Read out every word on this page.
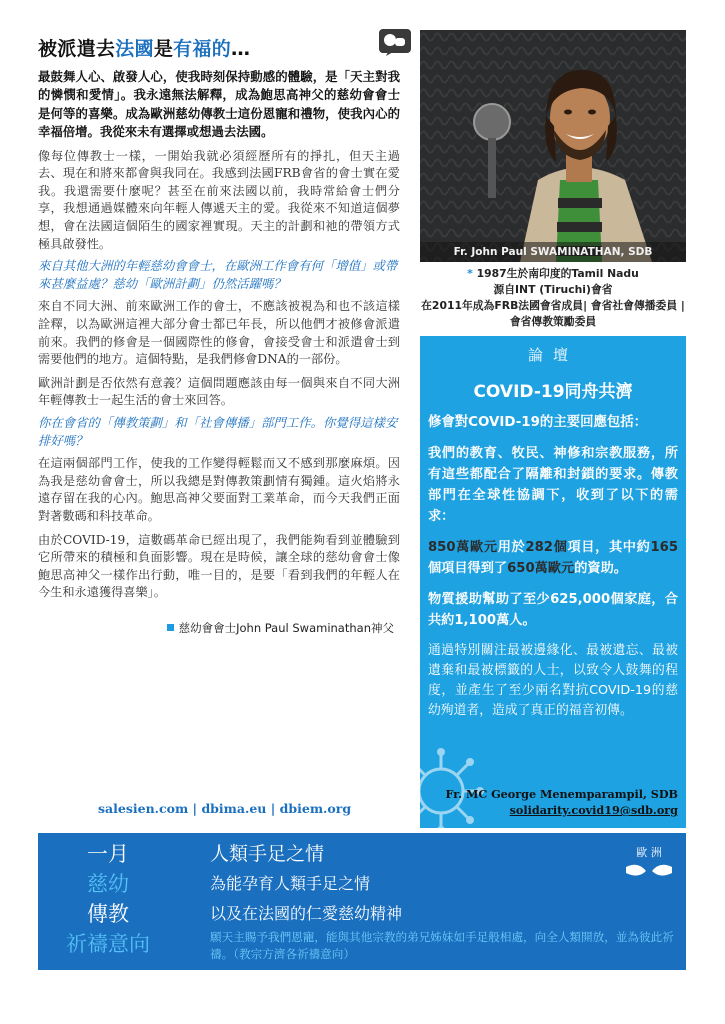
被派遣去法國是有福的…

最鼓舞人心、啟發人心，使我時刻保持動感的體驗，是「天主對我的憐憫和愛情」。我永遠無法解釋，成為鮑思高神父的慈幼會會士是何等的喜樂。成為歐洲慈幼傳教士這份恩寵和禮物，使我內心的幸福倍增。我從來未有選擇或想過去法國。

像每位傳教士一樣，一開始我就必須經歷所有的掙扎，但天主過去、現在和將來都會與我同在。我感到法國FRB會省的會士實在愛我。我還需要什麼呢？甚至在前來法國以前，我時常給會士們分享，我想通過媒體來向年輕人傳遞天主的愛。我從來不知道這個夢想，會在法國這個陌生的國家裡實現。天主的計劃和祂的帶領方式極具啟發性。

來自其他大洲的年輕慈幼會會士，在歐洲工作會有何「增值」或帶來甚麼益處？慈幼「歐洲計劃」仍然活躍嗎？

來自不同大洲、前來歐洲工作的會士，不應該被視為和也不該這樣詮釋，以為歐洲這裡大部分會士都已年長，所以他們才被修會派遣前來。我們的修會是一個國際性的修會，會接受會士和派遣會士到需要他們的地方。這個特點，是我們修會DNA的一部份。

歐洲計劃是否依然有意義？這個問題應該由每一個與來自不同大洲年輕傳教士一起生活的會士來回答。

你在會省的「傳教策劃」和「社會傳播」部門工作。你覺得這樣安排好嗎？

在這兩個部門工作，使我的工作變得輕鬆而又不感到那麼麻煩。因為我是慈幼會會士，所以我總是對傳教策劃情有獨鍾。這火焰將永遠存留在我的心內。鮑思高神父要面對工業革命，而今天我們正面對著數碼和科技革命。

由於COVID-19，這數碼革命已經出現了，我們能夠看到並體驗到它所帶來的積極和負面影響。現在是時候，讓全球的慈幼會會士像鮑思高神父一樣作出行動，唯一目的，是要「看到我們的年輕人在今生和永遠獲得喜樂」。

慈幼會會士John Paul Swaminathan神父
salesien.com | dbima.eu | dbiem.org
Fr. John Paul SWAMINATHAN, SDB
* 1987生於南印度的Tamil Nadu
源自INT (Tiruchi)會省
在2011年成為FRB法國會省成員| 會省社會傳播委員 | 會省傳教策勵委員
論壇
COVID-19同舟共濟

修會對COVID-19的主要回應包括：

我們的教育、牧民、神修和宗教服務，所有這些都配合了隔離和封鎖的要求。傳教部門在全球性協調下，收到了以下的需求：

850萬歐元用於282個項目，其中約165個項目得到了650萬歐元的資助。

物質援助幫助了至少625,000個家庭，合共約1,100萬人。

通過特別關注最被邊緣化、最被遺忘、最被遺棄和最被標籤的人士，以致令人鼓舞的程度，並產生了至少兩名對抗COVID-19的慈幼殉道者，造成了真正的福音初傳。

Fr. MC George Menemparampil, SDB
solidarity.covid19@sdb.org
一月
慈幼
傳教
祈禱意向
人類手足之情
為能孕育人類手足之情
以及在法國的仁愛慈幼精神
願天主賜予我們恩寵，能與其他宗教的弟兄姊妹如手足般相處，向全人類開放，並為彼此祈禱。（教宗方濟各祈禱意向）
歐 洲
